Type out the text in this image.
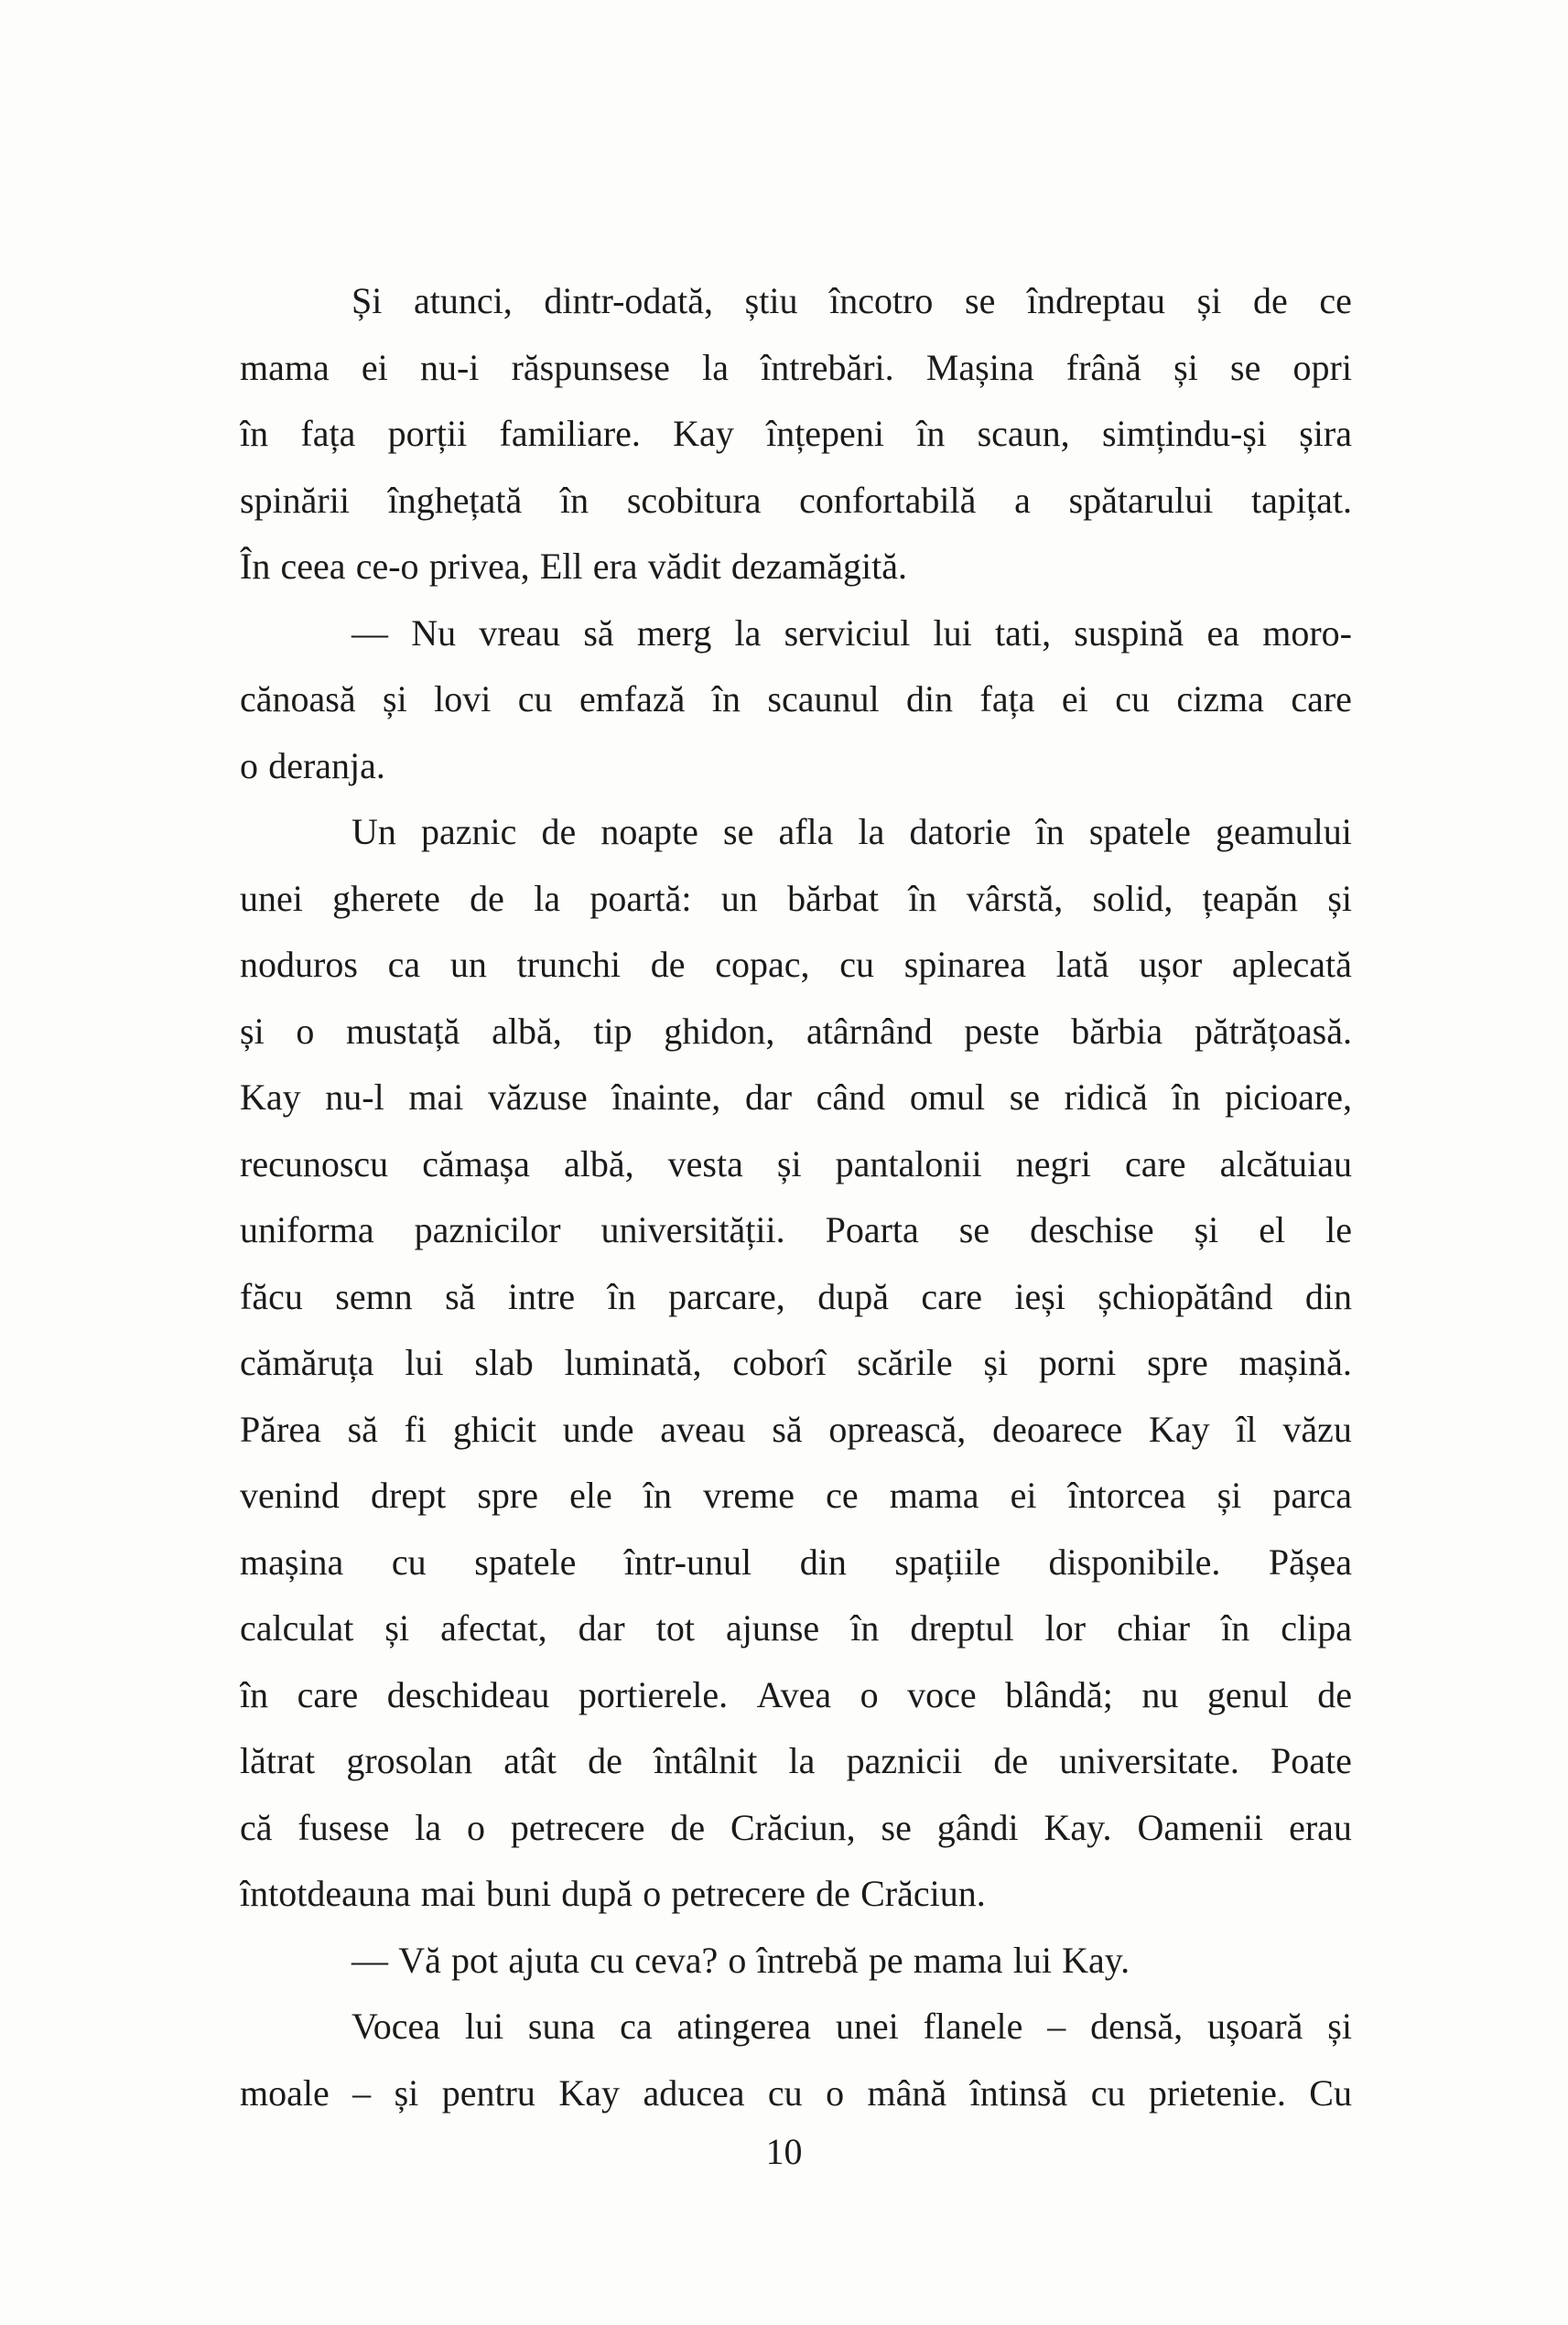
Și atunci, dintr-odată, știu încotro se îndreptau și de ce
mama ei nu-i răspunsese la întrebări. Mașina frână și se opri
în fața porții familiare. Kay înțepeni în scaun, simțindu-și șira
spinării înghețată în scobitura confortabilă a spătarului tapițat.
În ceea ce-o privea, Ell era vădit dezamăgită.
— Nu vreau să merg la serviciul lui tati, suspină ea moro-
cănoasă și lovi cu emfază în scaunul din fața ei cu cizma care
o deranja.
Un paznic de noapte se afla la datorie în spatele geamului
unei gherete de la poartă: un bărbat în vârstă, solid, țeapăn și
noduros ca un trunchi de copac, cu spinarea lată ușor aplecată
și o mustață albă, tip ghidon, atârnând peste bărbia pătrățoasă.
Kay nu-l mai văzuse înainte, dar când omul se ridică în picioare,
recunoscu cămașa albă, vesta și pantalonii negri care alcătuiau
uniforma paznicilor universității. Poarta se deschise și el le
făcu semn să intre în parcare, după care ieși șchiopătând din
cămăruța lui slab luminată, coborî scările și porni spre mașină.
Părea să fi ghicit unde aveau să oprească, deoarece Kay îl văzu
venind drept spre ele în vreme ce mama ei întorcea și parca
mașina cu spatele într-unul din spațiile disponibile. Pășea
calculat și afectat, dar tot ajunse în dreptul lor chiar în clipa
în care deschideau portierele. Avea o voce blândă; nu genul de
lătrat grosolan atât de întâlnit la paznicii de universitate. Poate
că fusese la o petrecere de Crăciun, se gândi Kay. Oamenii erau
întotdeauna mai buni după o petrecere de Crăciun.
— Vă pot ajuta cu ceva? o întrebă pe mama lui Kay.
Vocea lui suna ca atingerea unei flanele – densă, ușoară și
moale – și pentru Kay aducea cu o mână întinsă cu prietenie. Cu
10
